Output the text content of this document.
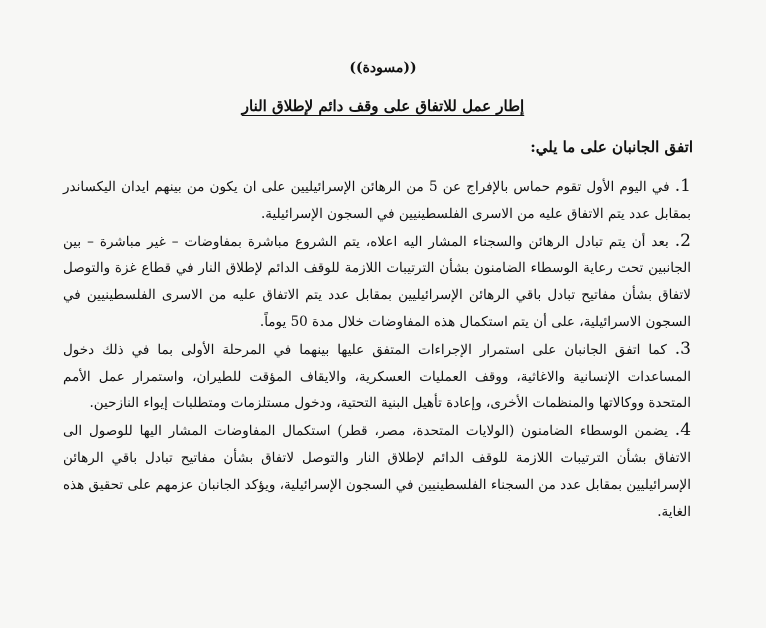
((مسودة))
إطار عمل للاتفاق على وقف دائم لإطلاق النار
اتفق الجانبان على ما يلي:
1. في اليوم الأول تقوم حماس بالإفراج عن 5 من الرهائن الإسرائيليين على ان يكون من بينهم ايدان اليكساندر بمقابل عدد يتم الاتفاق عليه من الاسرى الفلسطينيين في السجون الإسرائيلية.
2. بعد أن يتم تبادل الرهائن والسجناء المشار اليه اعلاه، يتم الشروع مباشرة بمفاوضات – غير مباشرة – بين الجانبين تحت رعاية الوسطاء الضامنون بشأن الترتيبات اللازمة للوقف الدائم لإطلاق النار في قطاع غزة والتوصل لاتفاق بشأن مفاتيح تبادل باقي الرهائن الإسرائيليين بمقابل عدد يتم الاتفاق عليه من الاسرى الفلسطينيين في السجون الاسرائيلية، على أن يتم استكمال هذه المفاوضات خلال مدة 50 يوماً.
3. كما اتفق الجانبان على استمرار الإجراءات المتفق عليها بينهما في المرحلة الأولى بما في ذلك دخول المساعدات الإنسانية والاغاثية، ووقف العمليات العسكرية، والايقاف المؤقت للطيران، واستمرار عمل الأمم المتحدة ووكالاتها والمنظمات الأخرى، وإعادة تأهيل البنية التحتية، ودخول مستلزمات ومتطلبات إيواء النازحين.
4. يضمن الوسطاء الضامنون (الولايات المتحدة، مصر، قطر) استكمال المفاوضات المشار اليها للوصول الى الاتفاق بشأن الترتيبات اللازمة للوقف الدائم لإطلاق النار والتوصل لاتفاق بشأن مفاتيح تبادل باقي الرهائن الإسرائيليين بمقابل عدد من السجناء الفلسطينيين في السجون الإسرائيلية، ويؤكد الجانبان عزمهم على تحقيق هذه الغاية.
